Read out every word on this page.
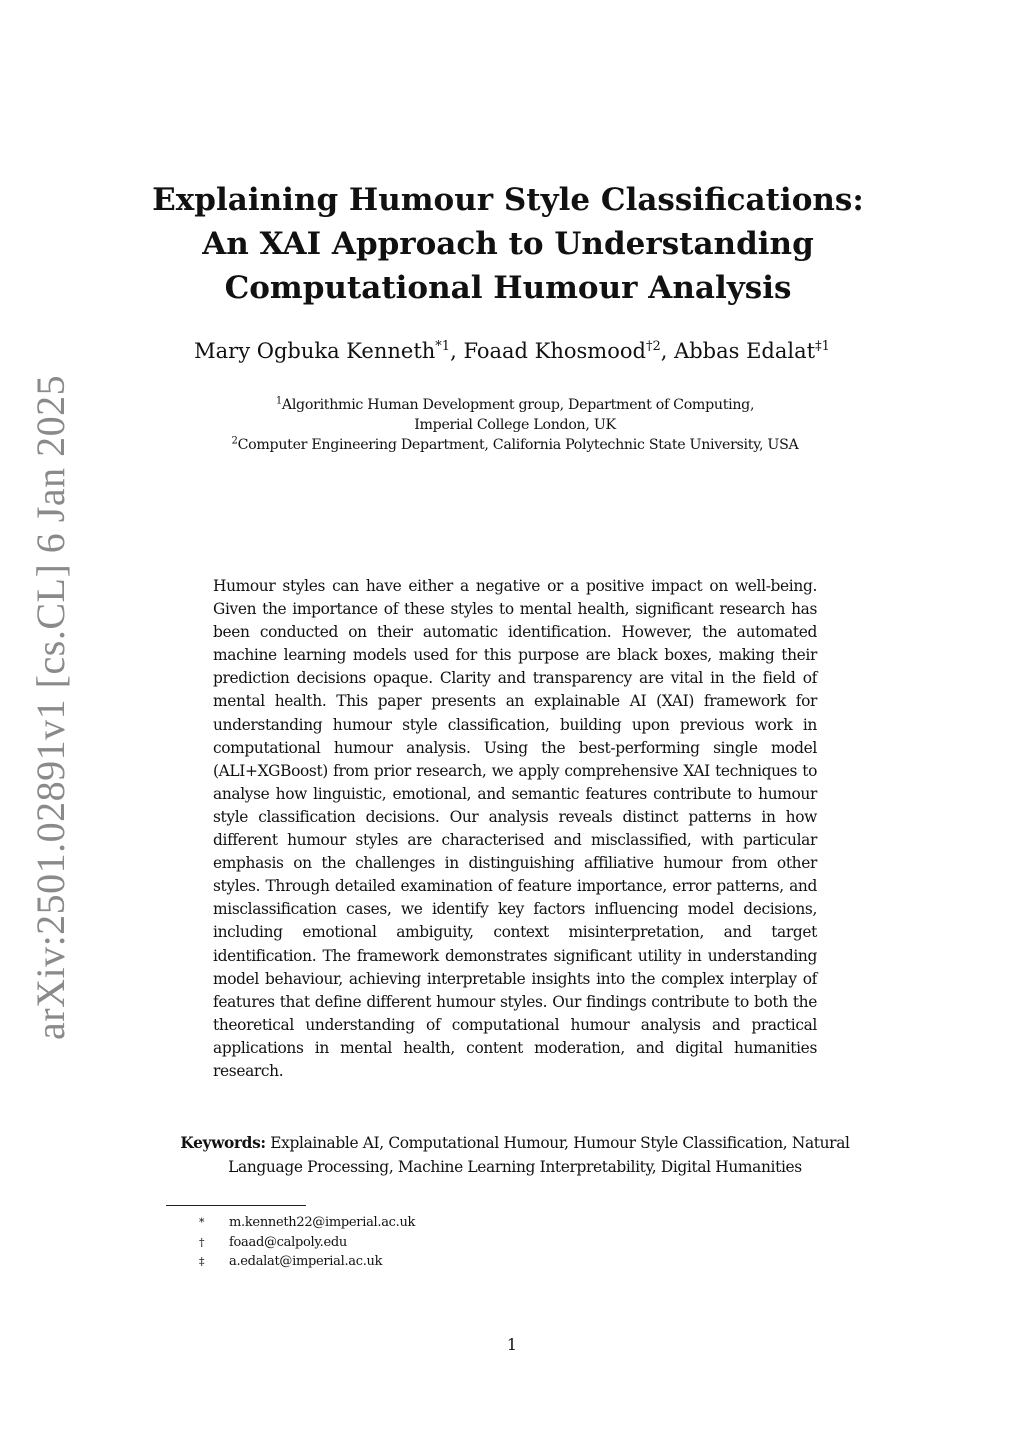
arXiv:2501.02891v1 [cs.CL] 6 Jan 2025
Explaining Humour Style Classifications:
An XAI Approach to Understanding
Computational Humour Analysis
Mary Ogbuka Kenneth$^{*1}$, Foaad Khosmood$^{\dagger 2}$, Abbas Edalat$^{\ddagger 1}$
$^1$Algorithmic Human Development group, Department of Computing,
Imperial College London, UK
$^2$Computer Engineering Department, California Polytechnic State University, USA

Humour styles can have either a negative or a positive impact on well-being. Given the importance of these styles to mental health, significant research has been conducted on their automatic identification. However, the automated machine learning models used for this purpose are black boxes, making their prediction decisions opaque. Clarity and transparency are vital in the field of mental health. This paper presents an explainable AI (XAI) framework for understanding humour style classification, building upon previous work in computational humour analysis. Using the best-performing single model (ALI+XGBoost) from prior research, we apply comprehensive XAI techniques to analyse how linguistic, emotional, and semantic features contribute to humour style classification decisions. Our analysis reveals distinct patterns in how different humour styles are characterised and misclassified, with particular emphasis on the challenges in distinguishing affiliative humour from other styles. Through detailed examination of feature importance, error patterns, and misclassification cases, we identify key factors influencing model decisions, including emotional ambiguity, context misinterpretation, and target identification. The framework demonstrates significant utility in understanding model behaviour, achieving interpretable insights into the complex interplay of features that define different humour styles. Our findings contribute to both the theoretical understanding of computational humour analysis and practical applications in mental health, content moderation, and digital humanities research.

Keywords: Explainable AI, Computational Humour, Humour Style Classification, Natural Language Processing, Machine Learning Interpretability, Digital Humanities
*	m.kenneth22@imperial.ac.uk
†	foaad@calpoly.edu
‡	a.edalat@imperial.ac.uk
1
